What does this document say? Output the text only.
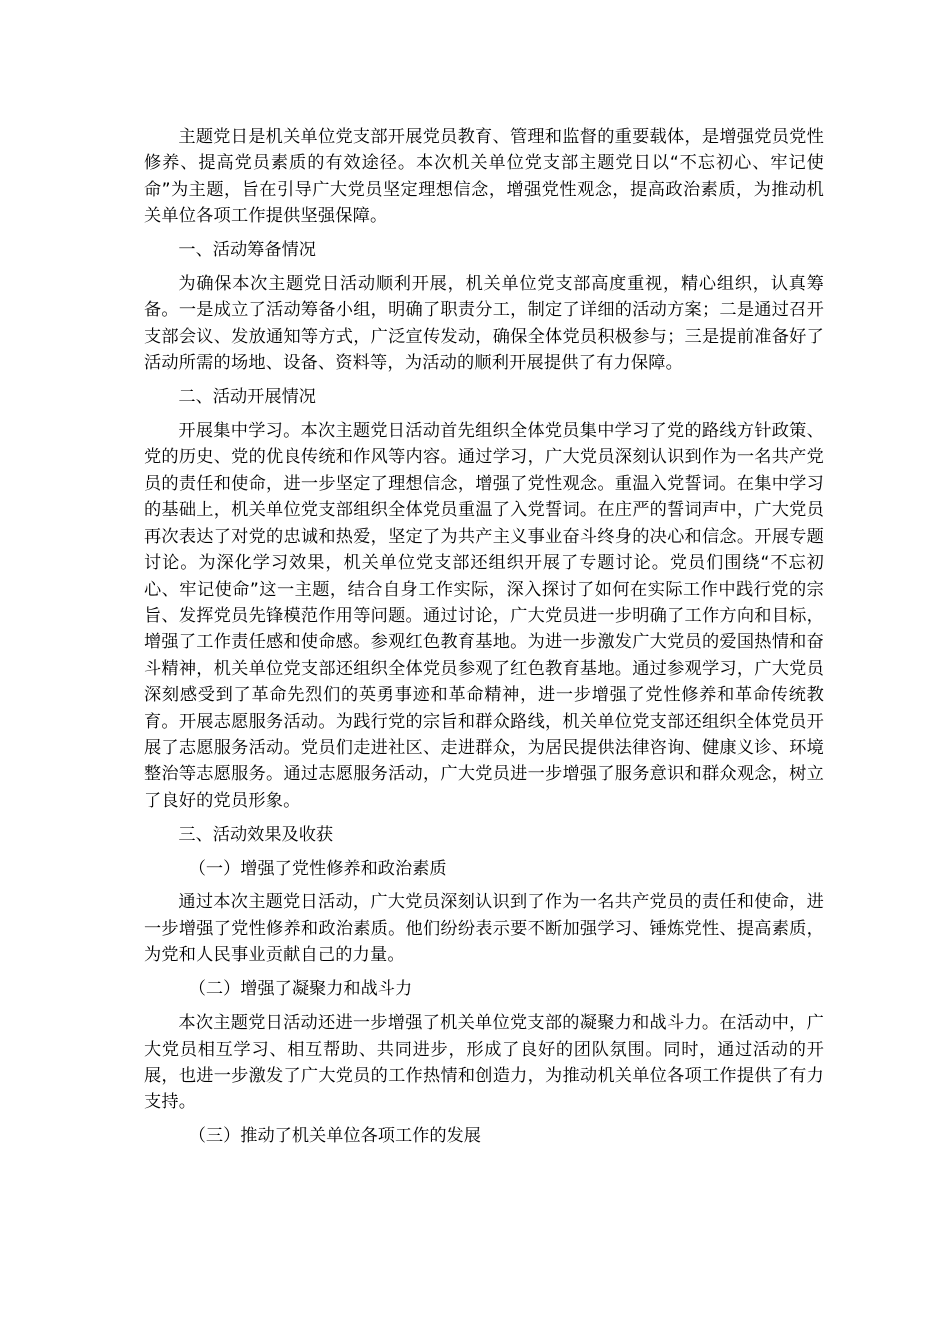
主题党日是机关单位党支部开展党员教育、管理和监督的重要载体，是增强党员党性修养、提高党员素质的有效途径。本次机关单位党支部主题党日以“不忘初心、牢记使命”为主题，旨在引导广大党员坚定理想信念，增强党性观念，提高政治素质，为推动机关单位各项工作提供坚强保障。

一、活动筹备情况

为确保本次主题党日活动顺利开展，机关单位党支部高度重视，精心组织，认真筹备。一是成立了活动筹备小组，明确了职责分工，制定了详细的活动方案；二是通过召开支部会议、发放通知等方式，广泛宣传发动，确保全体党员积极参与；三是提前准备好了活动所需的场地、设备、资料等，为活动的顺利开展提供了有力保障。

二、活动开展情况

开展集中学习。本次主题党日活动首先组织全体党员集中学习了党的路线方针政策、党的历史、党的优良传统和作风等内容。通过学习，广大党员深刻认识到作为一名共产党员的责任和使命，进一步坚定了理想信念，增强了党性观念。重温入党誓词。在集中学习的基础上，机关单位党支部组织全体党员重温了入党誓词。在庄严的誓词声中，广大党员再次表达了对党的忠诚和热爱，坚定了为共产主义事业奋斗终身的决心和信念。开展专题讨论。为深化学习效果，机关单位党支部还组织开展了专题讨论。党员们围绕“不忘初心、牢记使命”这一主题，结合自身工作实际，深入探讨了如何在实际工作中践行党的宗旨、发挥党员先锋模范作用等问题。通过讨论，广大党员进一步明确了工作方向和目标，增强了工作责任感和使命感。参观红色教育基地。为进一步激发广大党员的爱国热情和奋斗精神，机关单位党支部还组织全体党员参观了红色教育基地。通过参观学习，广大党员深刻感受到了革命先烈们的英勇事迹和革命精神，进一步增强了党性修养和革命传统教育。开展志愿服务活动。为践行党的宗旨和群众路线，机关单位党支部还组织全体党员开展了志愿服务活动。党员们走进社区、走进群众，为居民提供法律咨询、健康义诊、环境整治等志愿服务。通过志愿服务活动，广大党员进一步增强了服务意识和群众观念，树立了良好的党员形象。

三、活动效果及收获

（一）增强了党性修养和政治素质

通过本次主题党日活动，广大党员深刻认识到了作为一名共产党员的责任和使命，进一步增强了党性修养和政治素质。他们纷纷表示要不断加强学习、锤炼党性、提高素质，为党和人民事业贡献自己的力量。

（二）增强了凝聚力和战斗力

本次主题党日活动还进一步增强了机关单位党支部的凝聚力和战斗力。在活动中，广大党员相互学习、相互帮助、共同进步，形成了良好的团队氛围。同时，通过活动的开展，也进一步激发了广大党员的工作热情和创造力，为推动机关单位各项工作提供了有力支持。

（三）推动了机关单位各项工作的发展
